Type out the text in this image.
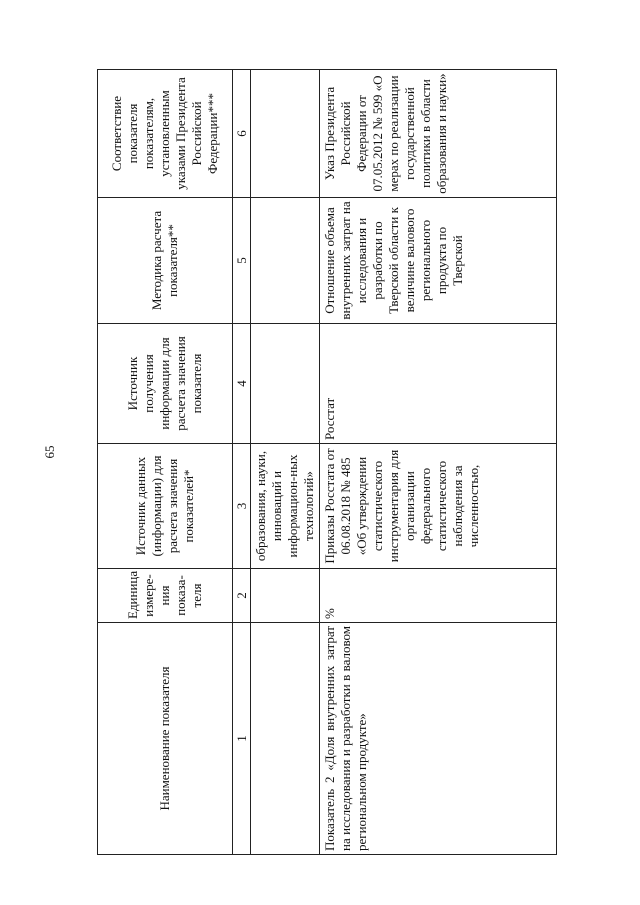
65
Наименование показателя	Единица измере-ния показа-теля	Источник данных (информации) для расчета значения показателей*	Источник получения информации для расчета значения показателя	Методика расчета показателя**	Соответствие показателя показателям, установленным указами Президента Российской Федерации***
1	2	3	4	5	6
		образования, науки, инноваций и информацион-ных технологий»			
Показатель 2 «Доля внутренних затрат на исследования и разработки в валовом региональном продукте»	%	Приказы Росстата от 06.08.2018 № 485 «Об утверждении статистического инструментария для организации федерального статистического наблюдения за численностью,	Росстат	Отношение объема внутренних затрат на исследования и разработки по Тверской области к величине валового регионального продукта по Тверской	Указ Президента Российской Федерации от 07.05.2012 № 599 «О мерах по реализации государственной политики в области образования и науки»
